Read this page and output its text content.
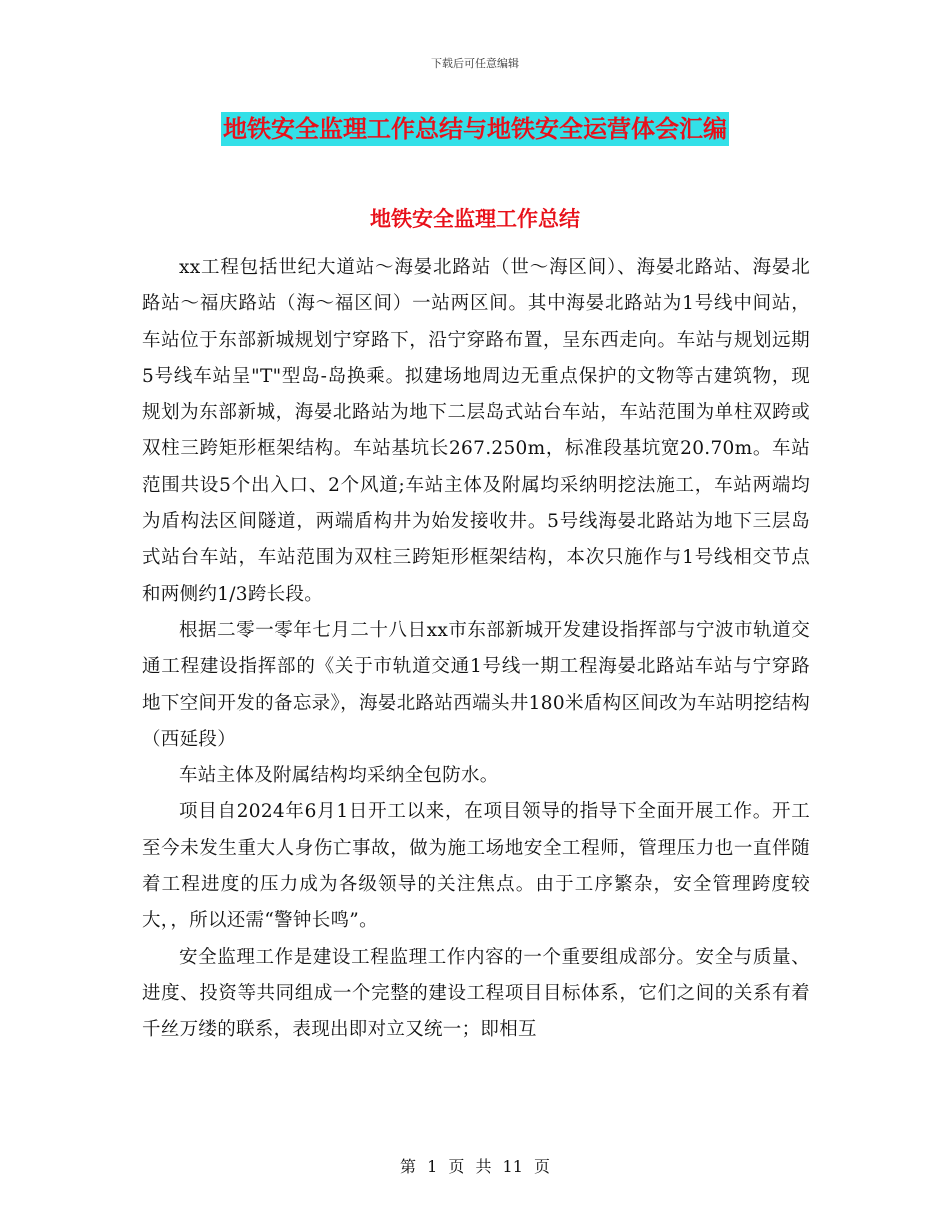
下载后可任意编辑
地铁安全监理工作总结与地铁安全运营体会汇编
地铁安全监理工作总结

xx工程包括世纪大道站～海晏北路站（世～海区间）、海晏北路站、海晏北路站～福庆路站（海～福区间）一站两区间。其中海晏北路站为1号线中间站，车站位于东部新城规划宁穿路下，沿宁穿路布置，呈东西走向。车站与规划远期5号线车站呈"T"型岛-岛换乘。拟建场地周边无重点保护的文物等古建筑物，现规划为东部新城，海晏北路站为地下二层岛式站台车站，车站范围为单柱双跨或双柱三跨矩形框架结构。车站基坑长267.250m，标准段基坑宽20.70m。车站范围共设5个出入口、2个风道;车站主体及附属均采纳明挖法施工，车站两端均为盾构法区间隧道，两端盾构井为始发接收井。5号线海晏北路站为地下三层岛式站台车站，车站范围为双柱三跨矩形框架结构，本次只施作与1号线相交节点和两侧约1/3跨长段。

根据二零一零年七月二十八日xx市东部新城开发建设指挥部与宁波市轨道交通工程建设指挥部的《关于市轨道交通1号线一期工程海晏北路站车站与宁穿路地下空间开发的备忘录》，海晏北路站西端头井180米盾构区间改为车站明挖结构（西延段）

车站主体及附属结构均采纳全包防水。

项目自2024年6月1日开工以来，在项目领导的指导下全面开展工作。开工至今未发生重大人身伤亡事故，做为施工场地安全工程师，管理压力也一直伴随着工程进度的压力成为各级领导的关注焦点。由于工序繁杂，安全管理跨度较大，，所以还需“警钟长鸣”。

安全监理工作是建设工程监理工作内容的一个重要组成部分。安全与质量、进度、投资等共同组成一个完整的建设工程项目目标体系，它们之间的关系有着千丝万缕的联系，表现出即对立又统一；即相互

第 1 页 共 11 页
